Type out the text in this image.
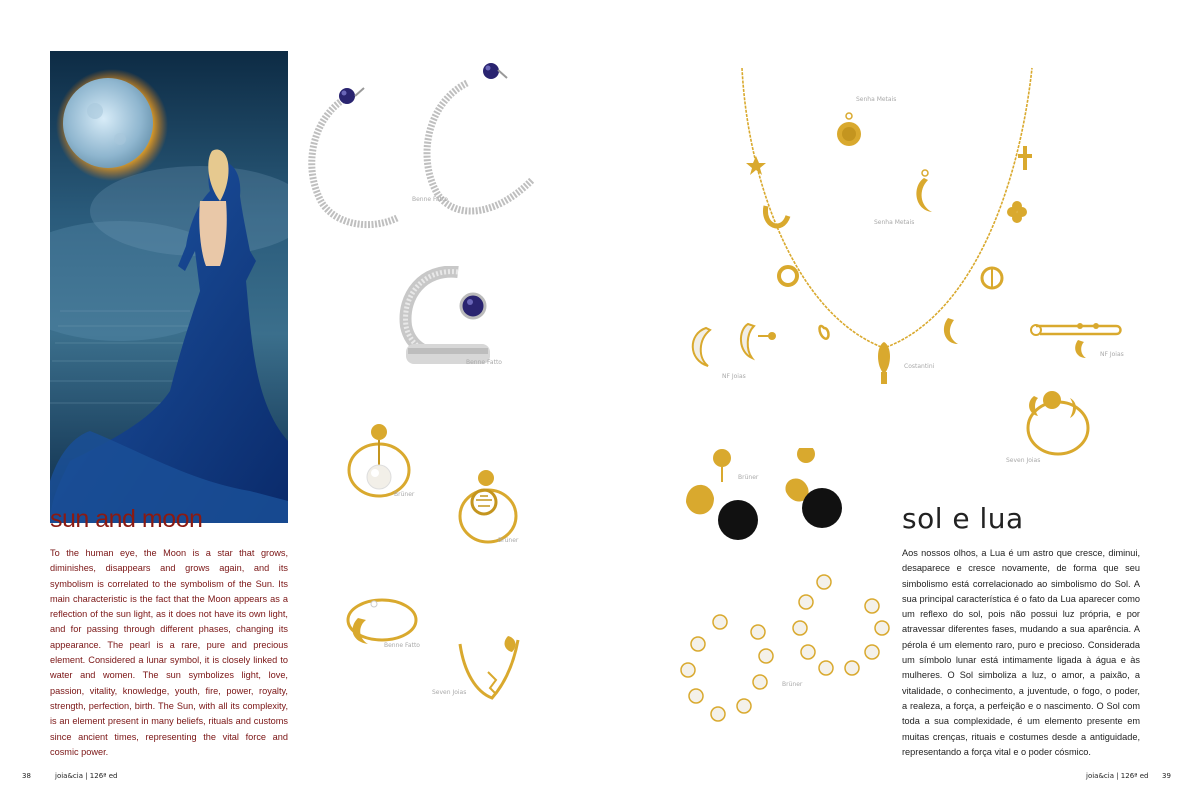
sun and moon
To the human eye, the Moon is a star that grows, diminishes, disappears and grows again, and its symbolism is correlated to the symbolism of the Sun. Its main characteristic is the fact that the Moon appears as a reflection of the sun light, as it does not have its own light, and for passing through different phases, changing its appearance. The pearl is a rare, pure and precious element. Considered a lunar symbol, it is closely linked to water and women. The sun symbolizes light, love, passion, vitality, knowledge, youth, fire, power, royalty, strength, perfection, birth. The Sun, with all its complexity, is an element present in many beliefs, rituals and customs since ancient times, representing the vital force and cosmic power.
38	joia&cia | 126ª ed
Benne Fatto
Benne Fatto
Brüner
Brüner
Benne Fatto
Seven Joias
Costantini
Senha Metais
Senha Metais
NF Joias
NF Joias
Seven Joias
Brüner
Brüner
sol e lua
Aos nossos olhos, a Lua é um astro que cresce, diminui, desaparece e cresce novamente, de forma que seu simbolismo está correlacionado ao simbolismo do Sol. A sua principal característica é o fato da Lua aparecer como um reflexo do sol, pois não possui luz própria, e por atravessar diferentes fases, mudando a sua aparência. A pérola é um elemento raro, puro e precioso. Considerada um símbolo lunar está intimamente ligada à água e às mulheres. O Sol simboliza a luz, o amor, a paixão, a vitalidade, o conhecimento, a juventude, o fogo, o poder, a realeza, a força, a perfeição e o nascimento. O Sol com toda a sua complexidade, é um elemento presente em muitas crenças, rituais e costumes desde a antiguidade, representando a força vital e o poder cósmico.
joia&cia | 126ª ed 39
